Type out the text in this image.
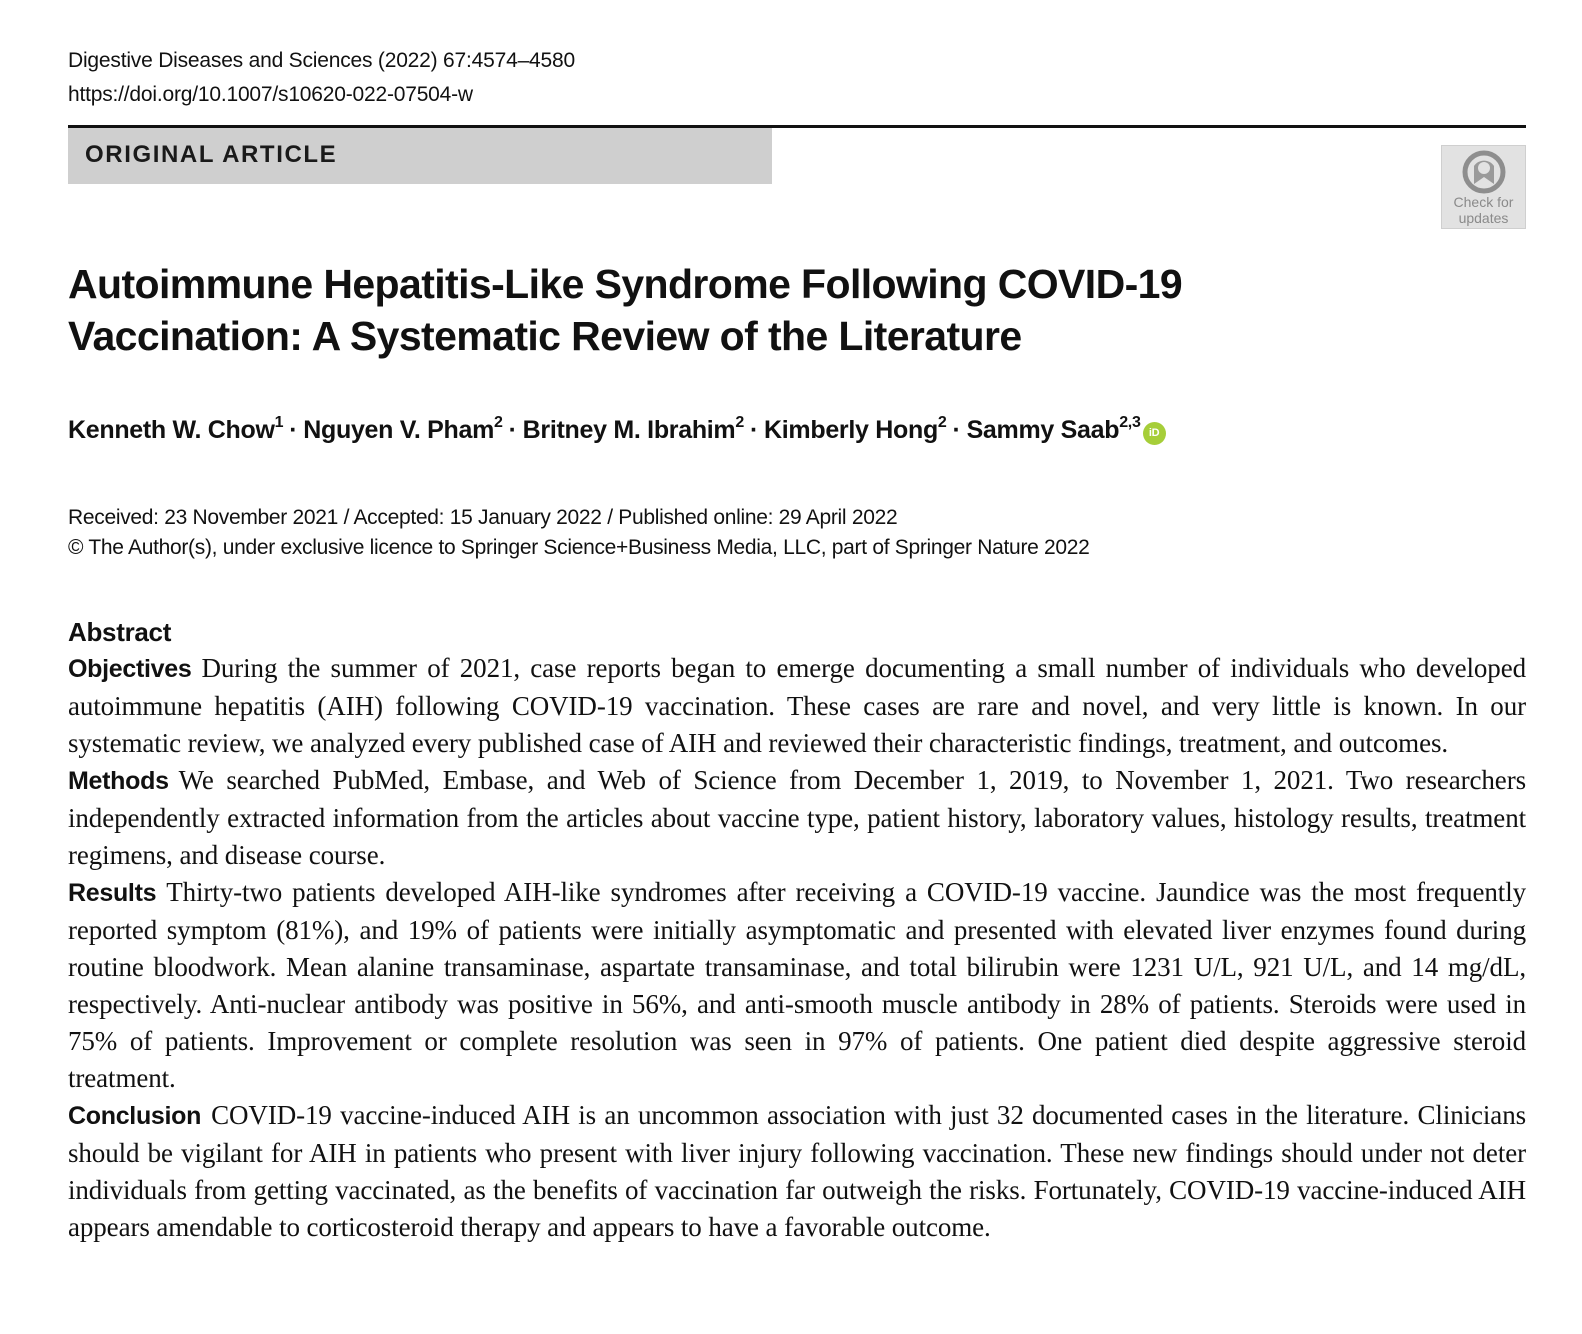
Digestive Diseases and Sciences (2022) 67:4574–4580
https://doi.org/10.1007/s10620-022-07504-w
ORIGINAL ARTICLE
Check for
updates
Autoimmune Hepatitis-Like Syndrome Following COVID-19
Vaccination: A Systematic Review of the Literature
Kenneth W. Chow$^1$ · Nguyen V. Pham$^2$ · Britney M. Ibrahim$^2$ · Kimberly Hong$^2$ · Sammy Saab$^{2,3}$iD
Received: 23 November 2021 / Accepted: 15 January 2022 / Published online: 29 April 2022
© The Author(s), under exclusive licence to Springer Science+Business Media, LLC, part of Springer Nature 2022
Abstract

Objectives During the summer of 2021, case reports began to emerge documenting a small number of individuals who developed autoimmune hepatitis (AIH) following COVID-19 vaccination. These cases are rare and novel, and very little is known. In our systematic review, we analyzed every published case of AIH and reviewed their characteristic findings, treatment, and outcomes.

Methods We searched PubMed, Embase, and Web of Science from December 1, 2019, to November 1, 2021. Two researchers independently extracted information from the articles about vaccine type, patient history, laboratory values, histology results, treatment regimens, and disease course.

Results Thirty-two patients developed AIH-like syndromes after receiving a COVID-19 vaccine. Jaundice was the most frequently reported symptom (81%), and 19% of patients were initially asymptomatic and presented with elevated liver enzymes found during routine bloodwork. Mean alanine transaminase, aspartate transaminase, and total bilirubin were 1231 U/L, 921 U/L, and 14 mg/dL, respectively. Anti-nuclear antibody was positive in 56%, and anti-smooth muscle antibody in 28% of patients. Steroids were used in 75% of patients. Improvement or complete resolution was seen in 97% of patients. One patient died despite aggressive steroid treatment.

Conclusion COVID-19 vaccine-induced AIH is an uncommon association with just 32 documented cases in the literature. Clinicians should be vigilant for AIH in patients who present with liver injury following vaccination. These new findings should under not deter individuals from getting vaccinated, as the benefits of vaccination far outweigh the risks. Fortunately, COVID-19 vaccine-induced AIH appears amendable to corticosteroid therapy and appears to have a favorable outcome.
